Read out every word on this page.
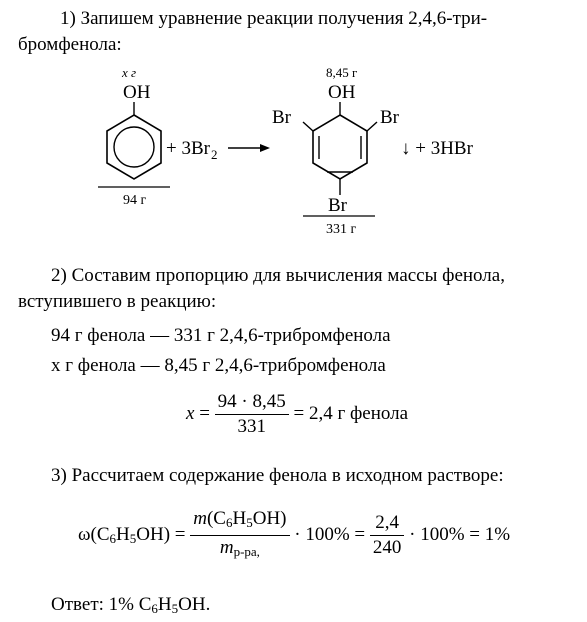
1) Запишем уравнение реакции получения 2,4,6-три-
бромфенола:
x г
OH
94 г
+ 3Br 2
8,45 г
OH
Br	Br
Br
331 г
↓ + 3HBr
2) Составим пропорцию для вычисления массы фенола,
вступившего в реакцию:
94 г фенола — 331 г 2,4,6-трибромфенола
x г фенола — 8,45 г 2,4,6-трибромфенола
$x = \frac{94 \cdot 8,45}{331} = 2,4$ г фенола
3) Рассчитаем содержание фенола в исходном растворе:
$\omega(C_6H_5OH) = \frac{m(C_6H_5OH)}{m_{р-ра,}} \cdot 100\% = \frac{2,4}{240} \cdot 100\% = 1\%$
Ответ: 1% $C_6H_5OH$.
